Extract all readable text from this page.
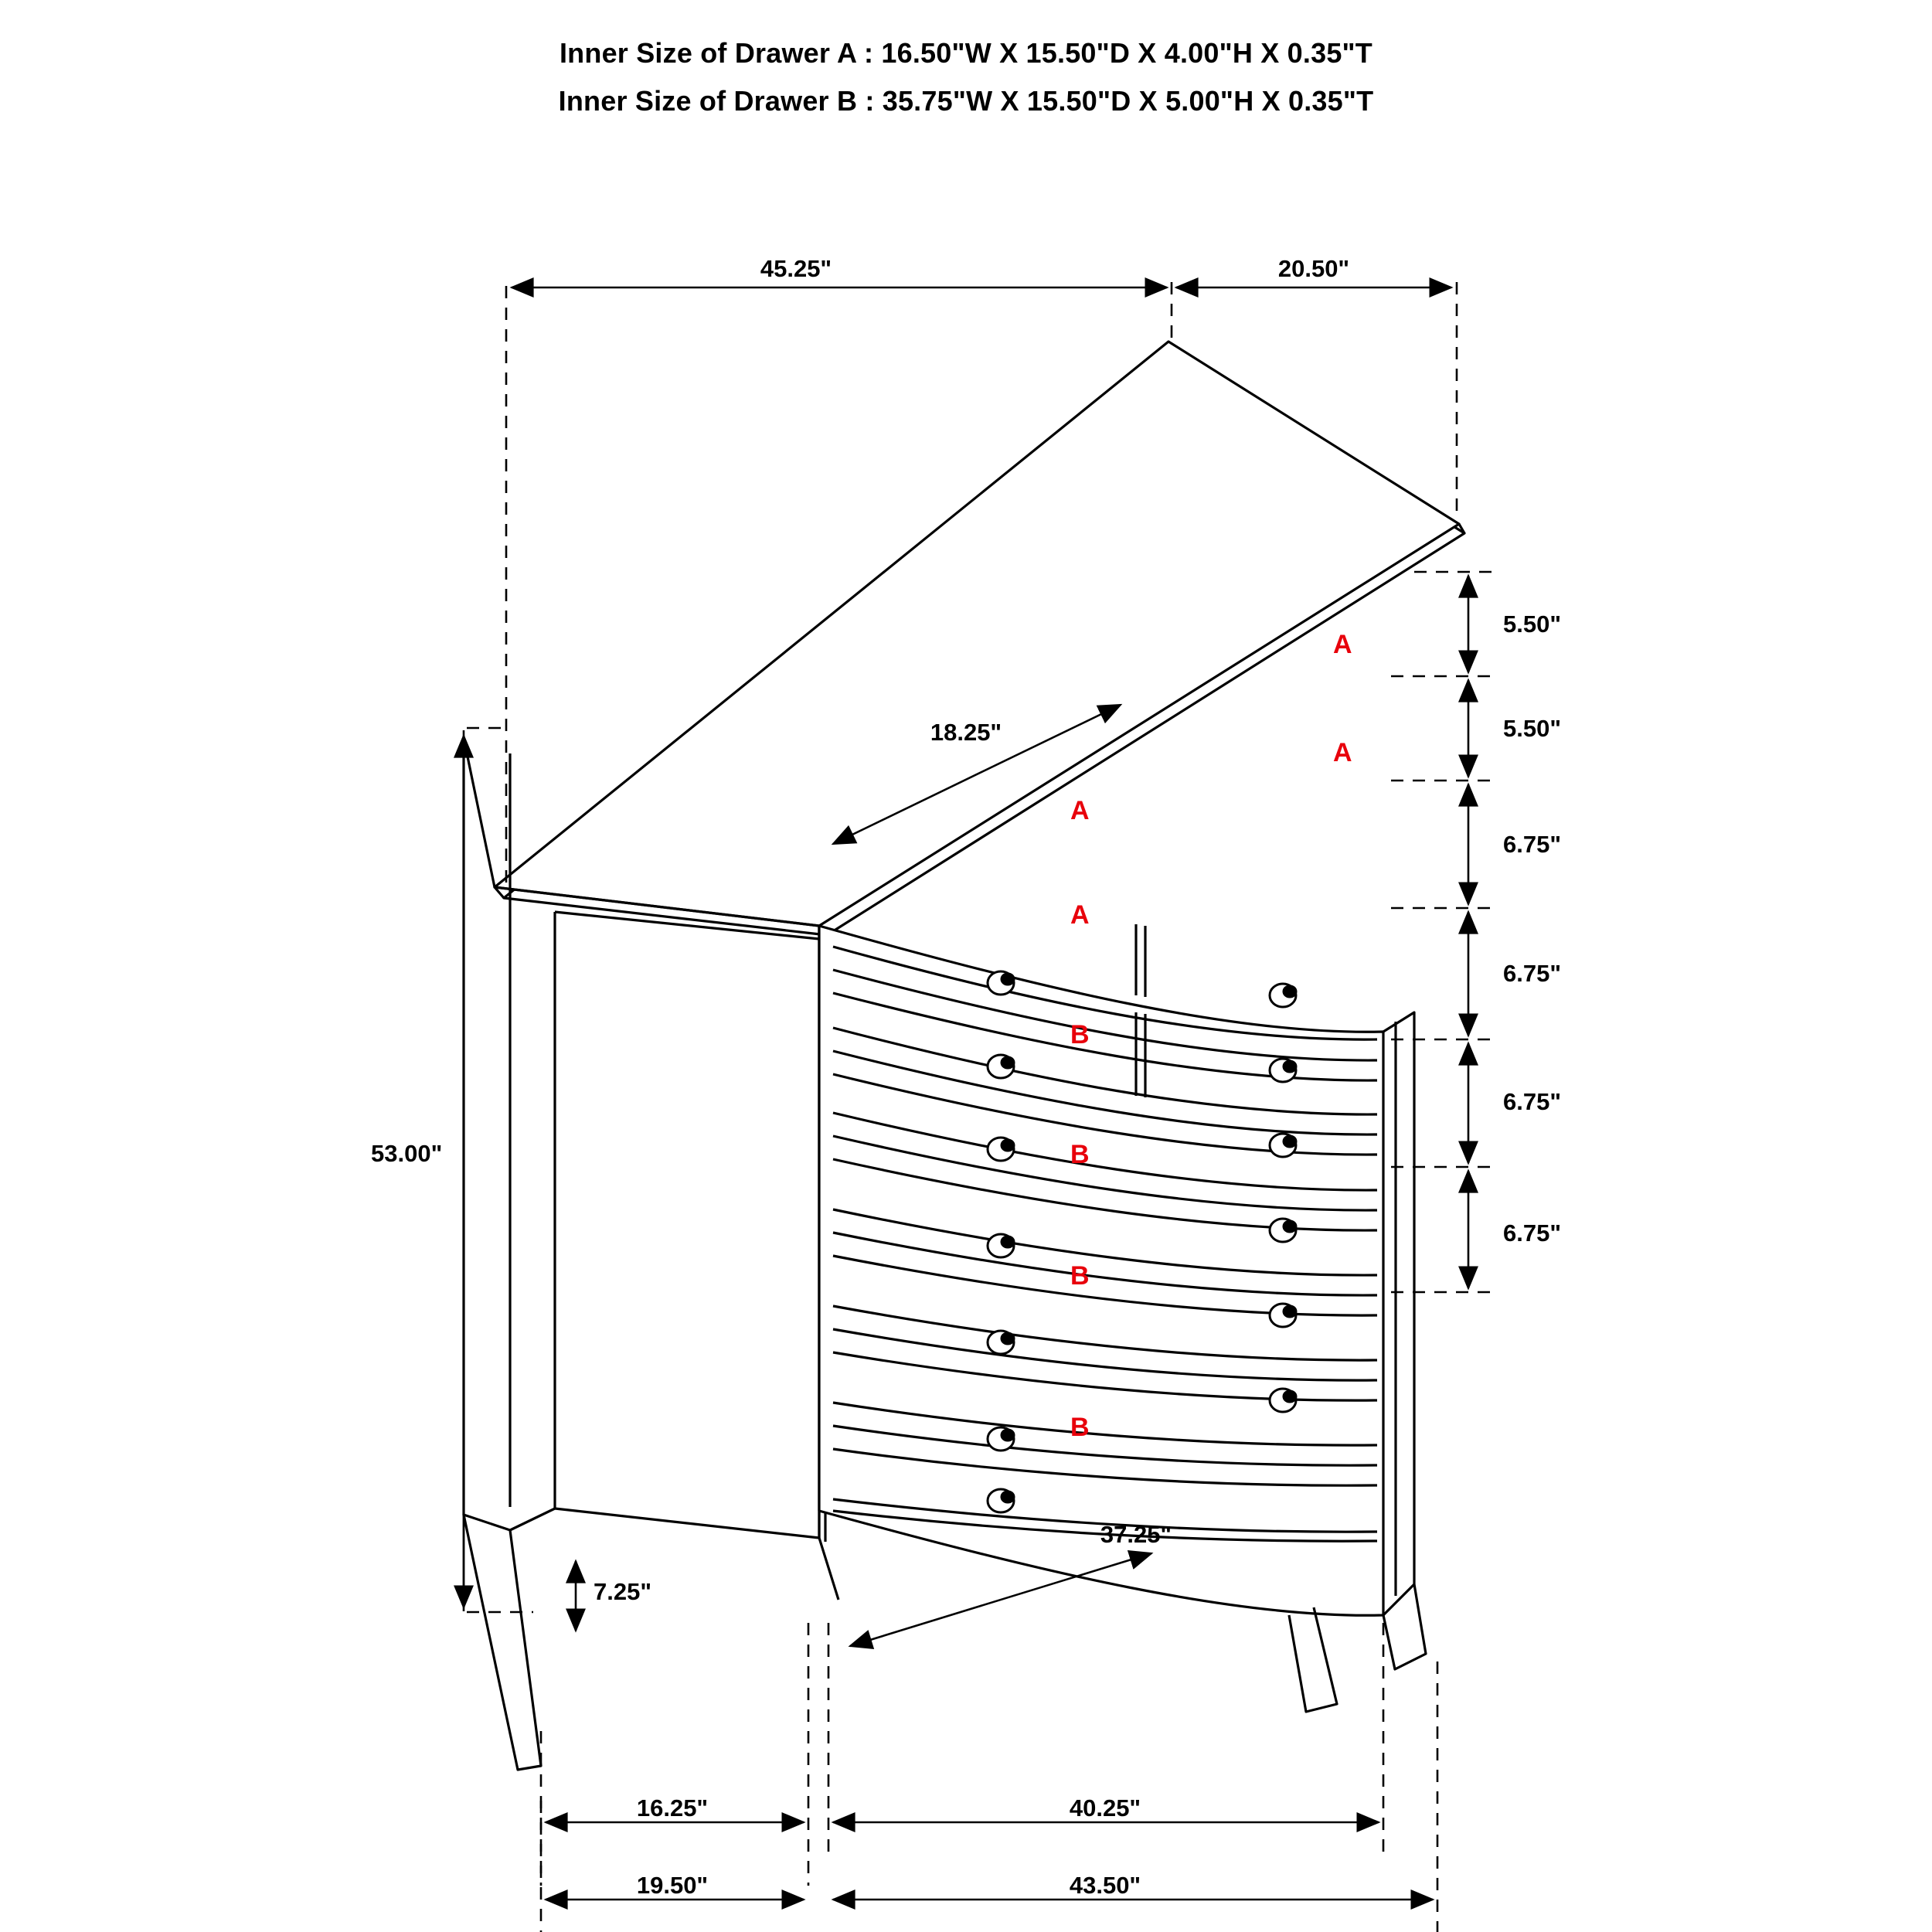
Inner Size of Drawer A : 16.50"W X 15.50"D X 4.00"H X 0.35"T
Inner Size of Drawer B : 35.75"W X 15.50"D X 5.00"H X 0.35"T
45.25"	20.50"
18.25"
53.00"
7.25"
37.25"
16.25"	40.25"
19.50"	43.50"
5.50"
5.50"
6.75"
6.75"
6.75"
6.75"
A
A
A
A
B
B
B
B
